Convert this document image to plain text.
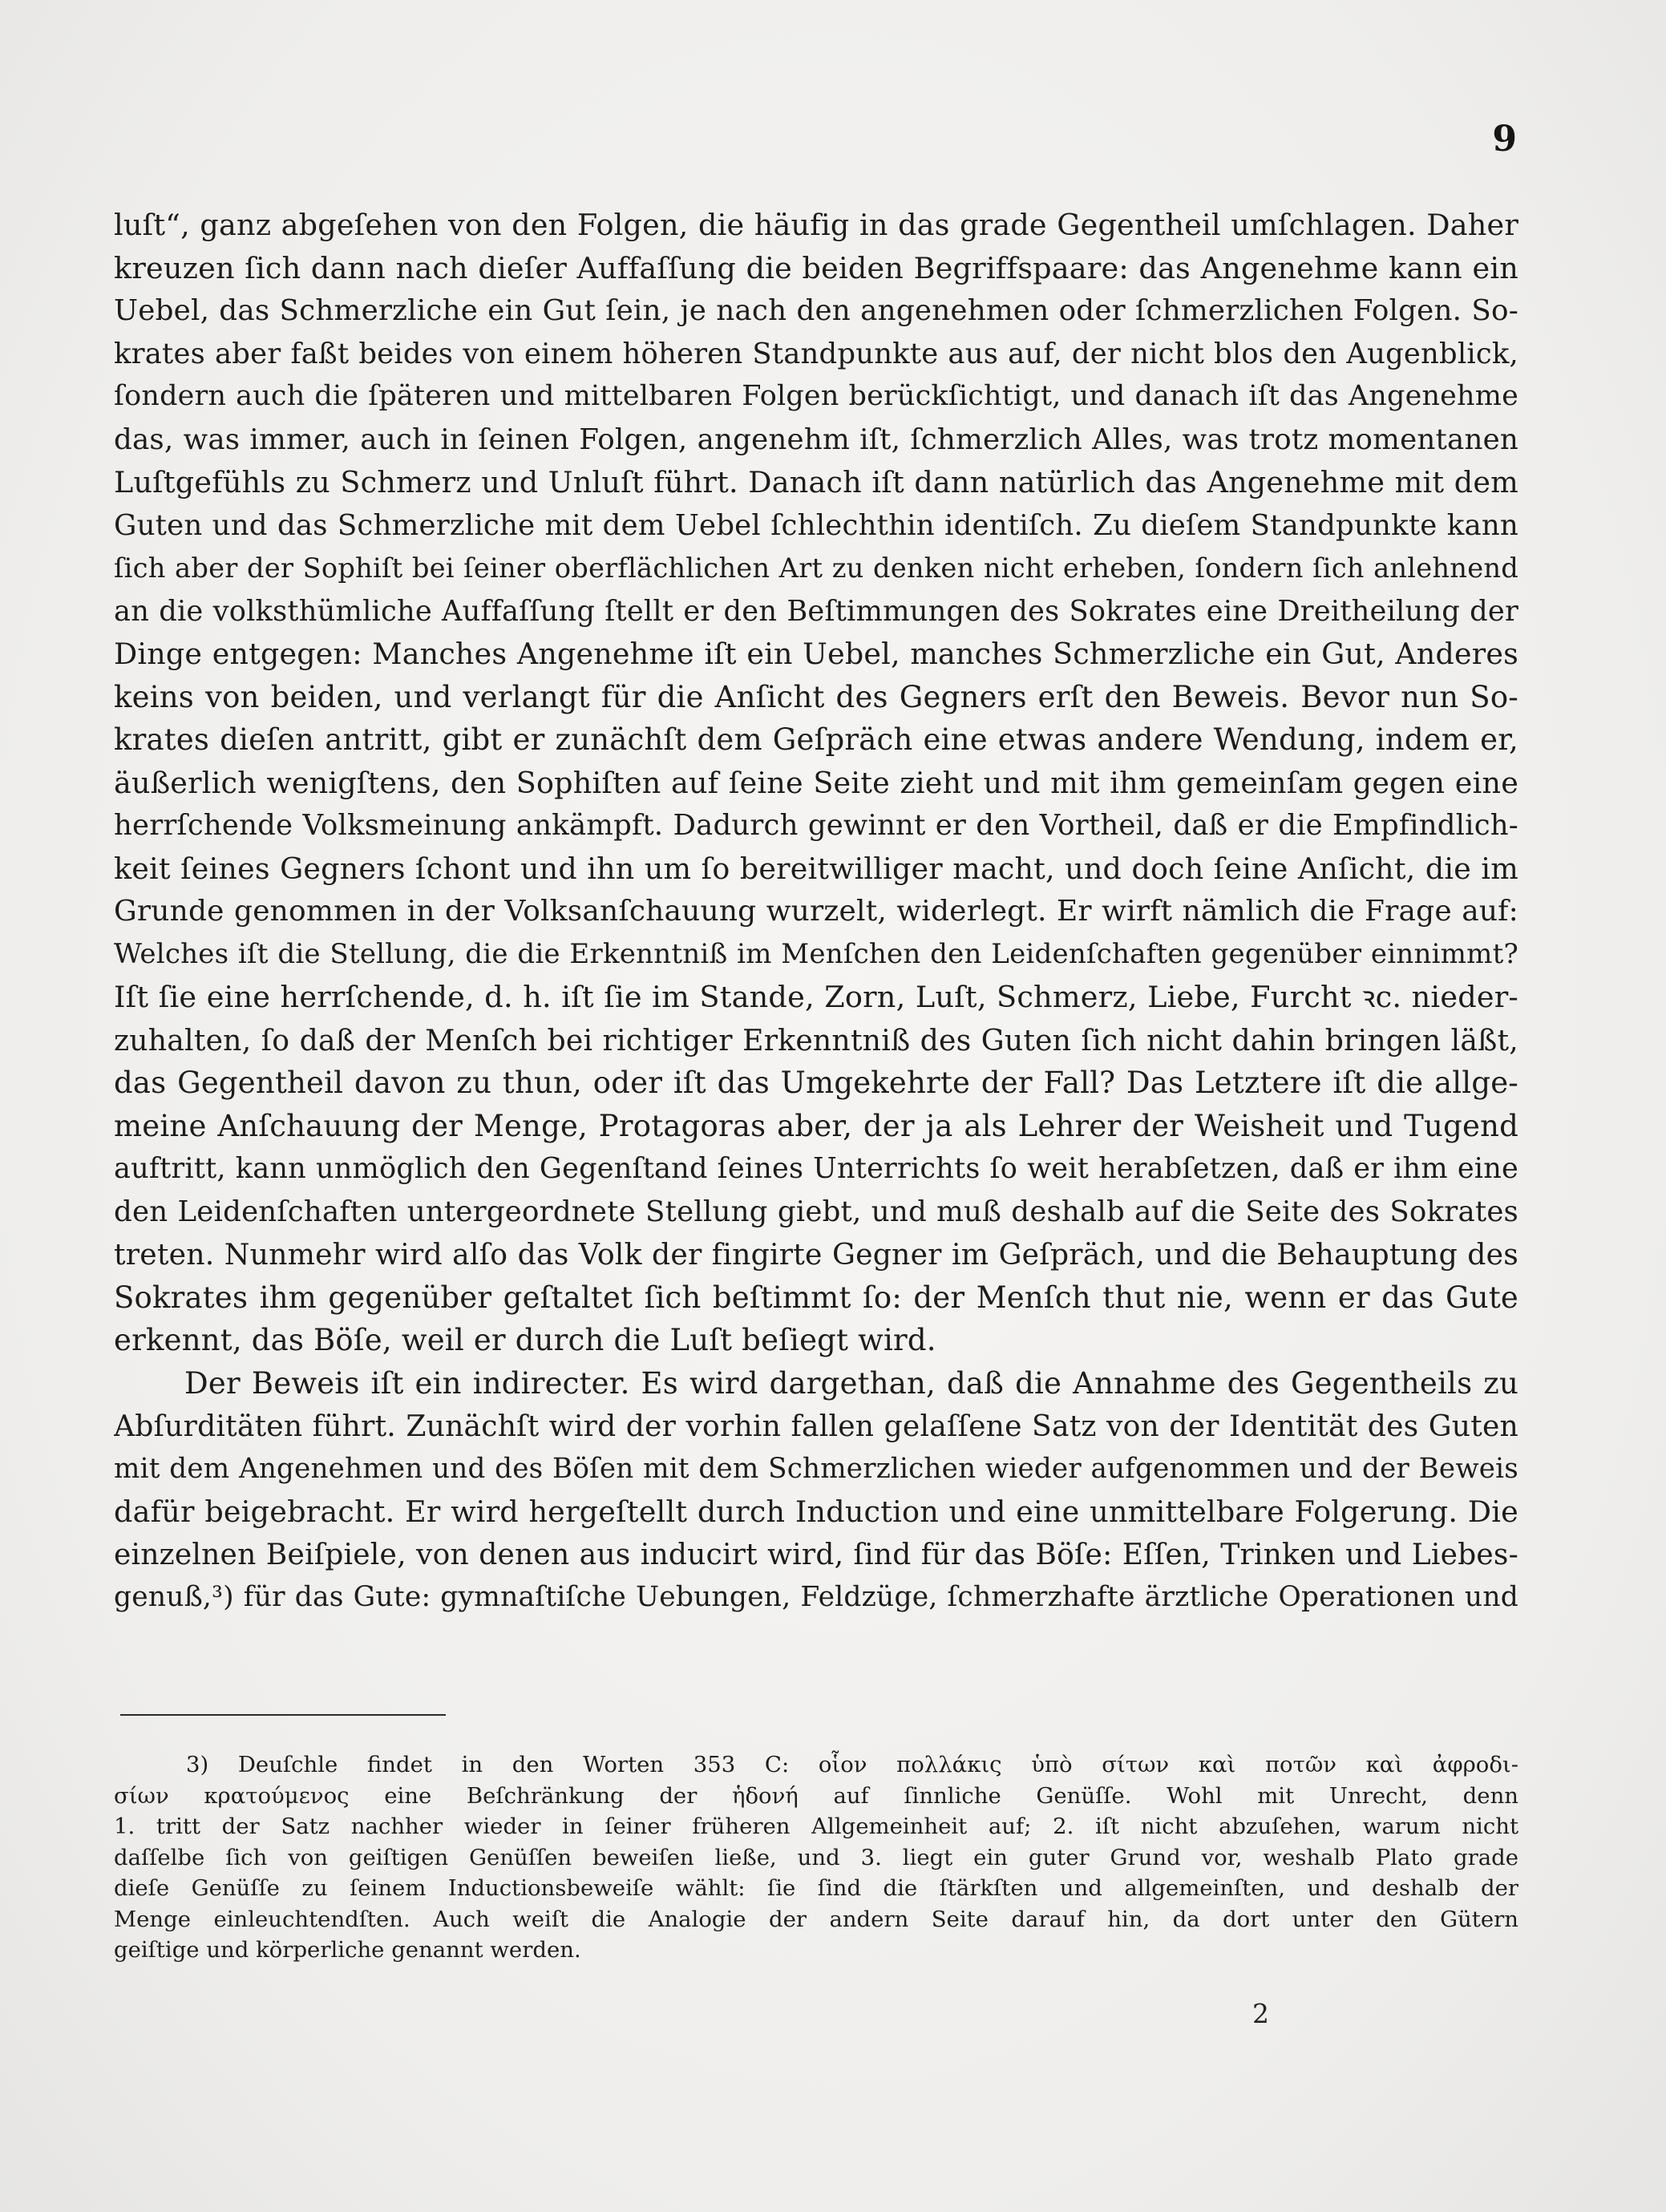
9
luſt“, ganz abgeſehen von den Folgen, die häufig in das grade Gegentheil umſchlagen. Daher
kreuzen ſich dann nach dieſer Auffaſſung die beiden Begriffspaare: das Angenehme kann ein
Uebel, das Schmerzliche ein Gut ſein, je nach den angenehmen oder ſchmerzlichen Folgen. So-
krates aber faßt beides von einem höheren Standpunkte aus auf, der nicht blos den Augenblick,
ſondern auch die ſpäteren und mittelbaren Folgen berückſichtigt, und danach iſt das Angenehme
das, was immer, auch in ſeinen Folgen, angenehm iſt, ſchmerzlich Alles, was trotz momentanen
Luſtgefühls zu Schmerz und Unluſt führt. Danach iſt dann natürlich das Angenehme mit dem
Guten und das Schmerzliche mit dem Uebel ſchlechthin identiſch. Zu dieſem Standpunkte kann
ſich aber der Sophiſt bei ſeiner oberflächlichen Art zu denken nicht erheben, ſondern ſich anlehnend
an die volksthümliche Auffaſſung ſtellt er den Beſtimmungen des Sokrates eine Dreitheilung der
Dinge entgegen: Manches Angenehme iſt ein Uebel, manches Schmerzliche ein Gut, Anderes
keins von beiden, und verlangt für die Anſicht des Gegners erſt den Beweis. Bevor nun So-
krates dieſen antritt, gibt er zunächſt dem Geſpräch eine etwas andere Wendung, indem er,
äußerlich wenigſtens, den Sophiſten auf ſeine Seite zieht und mit ihm gemeinſam gegen eine
herrſchende Volksmeinung ankämpft. Dadurch gewinnt er den Vortheil, daß er die Empfindlich-
keit ſeines Gegners ſchont und ihn um ſo bereitwilliger macht, und doch ſeine Anſicht, die im
Grunde genommen in der Volksanſchauung wurzelt, widerlegt. Er wirft nämlich die Frage auf:
Welches iſt die Stellung, die die Erkenntniß im Menſchen den Leidenſchaften gegenüber einnimmt?
Iſt ſie eine herrſchende, d. h. iſt ſie im Stande, Zorn, Luſt, Schmerz, Liebe, Furcht ꝛc. nieder-
zuhalten, ſo daß der Menſch bei richtiger Erkenntniß des Guten ſich nicht dahin bringen läßt,
das Gegentheil davon zu thun, oder iſt das Umgekehrte der Fall? Das Letztere iſt die allge-
meine Anſchauung der Menge, Protagoras aber, der ja als Lehrer der Weisheit und Tugend
auftritt, kann unmöglich den Gegenſtand ſeines Unterrichts ſo weit herabſetzen, daß er ihm eine
den Leidenſchaften untergeordnete Stellung giebt, und muß deshalb auf die Seite des Sokrates
treten. Nunmehr wird alſo das Volk der fingirte Gegner im Geſpräch, und die Behauptung des
Sokrates ihm gegenüber geſtaltet ſich beſtimmt ſo: der Menſch thut nie, wenn er das Gute
erkennt, das Böſe, weil er durch die Luſt beſiegt wird.
Der Beweis iſt ein indirecter. Es wird dargethan, daß die Annahme des Gegentheils zu
Abſurditäten führt. Zunächſt wird der vorhin fallen gelaſſene Satz von der Identität des Guten
mit dem Angenehmen und des Böſen mit dem Schmerzlichen wieder aufgenommen und der Beweis
dafür beigebracht. Er wird hergeſtellt durch Induction und eine unmittelbare Folgerung. Die
einzelnen Beiſpiele, von denen aus inducirt wird, ſind für das Böſe: Eſſen, Trinken und Liebes-
genuß,³) für das Gute: gymnaſtiſche Uebungen, Feldzüge, ſchmerzhafte ärztliche Operationen und
3) Deuſchle findet in den Worten 353 C: οἷον πολλάκις ὑπὸ σίτων καὶ ποτῶν καὶ ἀφροδι-
σίων κρατούμενος eine Beſchränkung der ἡδονή auf ſinnliche Genüſſe. Wohl mit Unrecht, denn
1. tritt der Satz nachher wieder in ſeiner früheren Allgemeinheit auf; 2. iſt nicht abzuſehen, warum nicht
daſſelbe ſich von geiſtigen Genüſſen beweiſen ließe, und 3. liegt ein guter Grund vor, weshalb Plato grade
dieſe Genüſſe zu ſeinem Inductionsbeweiſe wählt: ſie ſind die ſtärkſten und allgemeinſten, und deshalb der
Menge einleuchtendſten. Auch weiſt die Analogie der andern Seite darauf hin, da dort unter den Gütern
geiſtige und körperliche genannt werden.
2
